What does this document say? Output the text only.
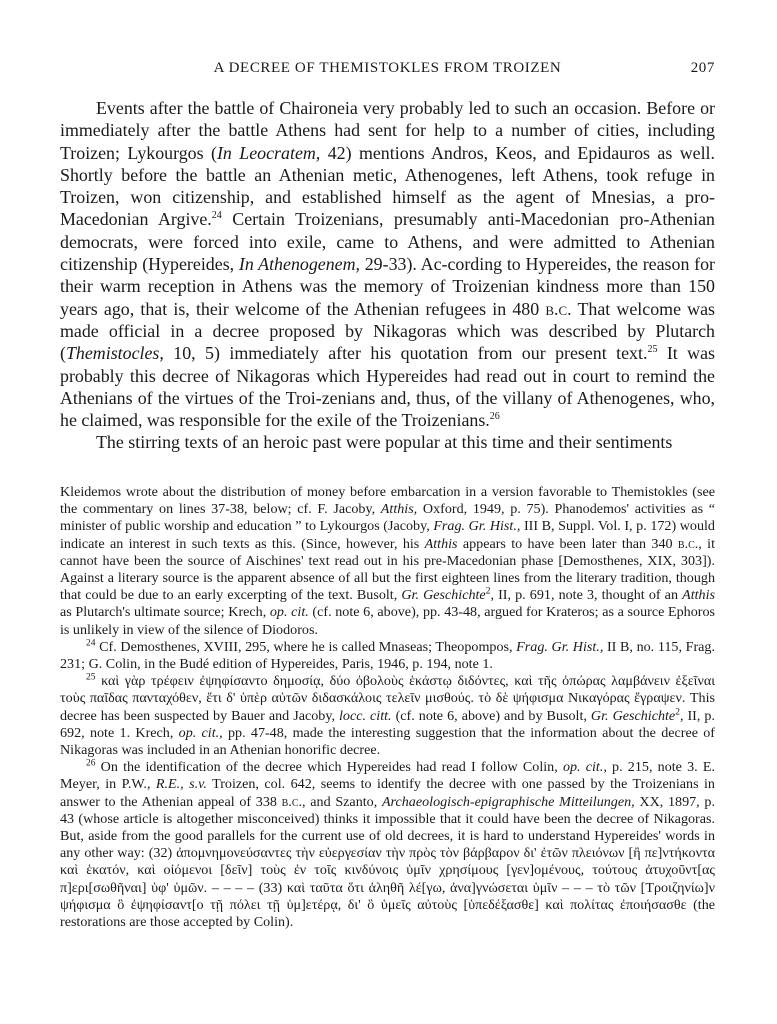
A DECREE OF THEMISTOKLES FROM TROIZEN	207

Events after the battle of Chaironeia very probably led to such an occasion. Before or immediately after the battle Athens had sent for help to a number of cities, including Troizen; Lykourgos (In Leocratem, 42) mentions Andros, Keos, and Epidauros as well. Shortly before the battle an Athenian metic, Athenogenes, left Athens, took refuge in Troizen, won citizenship, and established himself as the agent of Mnesias, a pro-Macedonian Argive.$^{24}$ Certain Troizenians, presumably anti-Macedonian pro-Athenian democrats, were forced into exile, came to Athens, and were admitted to Athenian citizenship (Hypereides, In Athenogenem, 29-33). Ac-cording to Hypereides, the reason for their warm reception in Athens was the memory of Troizenian kindness more than 150 years ago, that is, their welcome of the Athenian refugees in 480 b.c. That welcome was made official in a decree proposed by Nikagoras which was described by Plutarch (Themistocles, 10, 5) immediately after his quotation from our present text.$^{25}$ It was probably this decree of Nikagoras which Hypereides had read out in court to remind the Athenians of the virtues of the Troi-zenians and, thus, of the villany of Athenogenes, who, he claimed, was responsible for the exile of the Troizenians.$^{26}$

The stirring texts of an heroic past were popular at this time and their sentiments

Kleidemos wrote about the distribution of money before embarcation in a version favorable to Themistokles (see the commentary on lines 37-38, below; cf. F. Jacoby, Atthis, Oxford, 1949, p. 75). Phanodemos' activities as “ minister of public worship and education ” to Lykourgos (Jacoby, Frag. Gr. Hist., III B, Suppl. Vol. I, p. 172) would indicate an interest in such texts as this. (Since, however, his Atthis appears to have been later than 340 b.c., it cannot have been the source of Aischines' text read out in his pre-Macedonian phase [Demosthenes, XIX, 303]). Against a literary source is the apparent absence of all but the first eighteen lines from the literary tradition, though that could be due to an early excerpting of the text. Busolt, Gr. Geschichte$^2$, II, p. 691, note 3, thought of an Atthis as Plutarch's ultimate source; Krech, op. cit. (cf. note 6, above), pp. 43-48, argued for Krateros; as a source Ephoros is unlikely in view of the silence of Diodoros.

$^{24}$ Cf. Demosthenes, XVIII, 295, where he is called Mnaseas; Theopompos, Frag. Gr. Hist., II B, no. 115, Frag. 231; G. Colin, in the Budé edition of Hypereides, Paris, 1946, p. 194, note 1.

$^{25}$ καὶ γὰρ τρέφειν ἐψηφίσαντο δημοσίᾳ, δύο ὀβολοὺς ἑκάστῳ διδόντες, καὶ τῆς ὀπώρας λαμβάνειν ἐξεῖναι τοὺς παῖδας πανταχόθεν, ἔτι δ' ὑπὲρ αὐτῶν διδασκάλοις τελεῖν μισθούς. τὸ δὲ ψήφισμα Νικαγόρας ἔγραψεν. This decree has been suspected by Bauer and Jacoby, locc. citt. (cf. note 6, above) and by Busolt, Gr. Geschichte$^2$, II, p. 692, note 1. Krech, op. cit., pp. 47-48, made the interesting suggestion that the information about the decree of Nikagoras was included in an Athenian honorific decree.

$^{26}$ On the identification of the decree which Hypereides had read I follow Colin, op. cit., p. 215, note 3. E. Meyer, in P.W., R.E., s.v. Troizen, col. 642, seems to identify the decree with one passed by the Troizenians in answer to the Athenian appeal of 338 b.c., and Szanto, Archaeologisch-epigraphische Mitteilungen, XX, 1897, p. 43 (whose article is altogether misconceived) thinks it impossible that it could have been the decree of Nikagoras. But, aside from the good parallels for the current use of old decrees, it is hard to understand Hypereides' words in any other way: (32) ἀπομνημονεύσαντες τὴν εὐεργεσίαν τὴν πρὸς τὸν βάρβαρον δι' ἐτῶν πλειόνων [ἢ πε]ντήκοντα καὶ ἑκατόν, καὶ οἰόμενοι [δεῖν] τοὺς ἐν τοῖς κινδύνοις ὑμῖν χρησίμους [γεν]ομένους, τούτους ἀτυχοῦντ[ας π]ερι[σωθῆναι] ὑφ' ὑμῶν. – – – – (33) καὶ ταῦτα ὅτι ἀληθῆ λέ[γω, ἀνα]γνώσεται ὑμῖν – – – τὸ τῶν [Τροιζηνίω]ν ψήφισμα ὃ ἐψηφίσαντ[ο τῇ πόλει τῇ ὑμ]ετέρᾳ, δι' ὃ ὑμεῖς αὐτοὺς [ὑπεδέξασθε] καὶ πολίτας ἐποιήσασθε (the restorations are those accepted by Colin).
